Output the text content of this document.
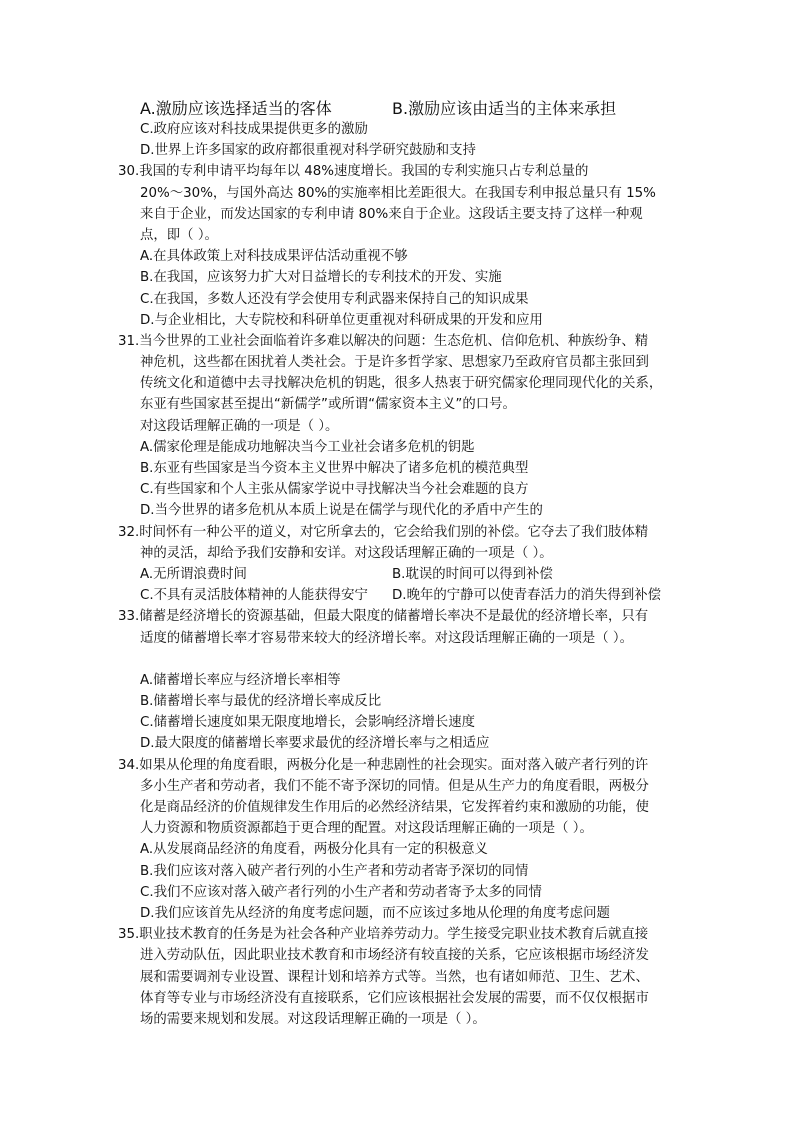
A.激励应该选择适当的客体	B.激励应该由适当的主体来承担
C.政府应该对科技成果提供更多的激励
D.世界上许多国家的政府都很重视对科学研究鼓励和支持
30.我国的专利申请平均每年以 48%速度增长。我国的专利实施只占专利总量的
20%～30%，与国外高达 80%的实施率相比差距很大。在我国专利申报总量只有 15%
来自于企业，而发达国家的专利申请 80%来自于企业。这段话主要支持了这样一种观
点，即（ ）。
A.在具体政策上对科技成果评估活动重视不够
B.在我国，应该努力扩大对日益增长的专利技术的开发、实施
C.在我国，多数人还没有学会使用专利武器来保持自己的知识成果
D.与企业相比，大专院校和科研单位更重视对科研成果的开发和应用
31.当今世界的工业社会面临着许多难以解决的问题：生态危机、信仰危机、种族纷争、精
神危机，这些都在困扰着人类社会。于是许多哲学家、思想家乃至政府官员都主张回到
传统文化和道德中去寻找解决危机的钥匙，很多人热衷于研究儒家伦理同现代化的关系，
东亚有些国家甚至提出“新儒学”或所谓“儒家资本主义”的口号。
对这段话理解正确的一项是（ ）。
A.儒家伦理是能成功地解决当今工业社会诸多危机的钥匙
B.东亚有些国家是当今资本主义世界中解决了诸多危机的模范典型
C.有些国家和个人主张从儒家学说中寻找解决当今社会难题的良方
D.当今世界的诸多危机从本质上说是在儒学与现代化的矛盾中产生的
32.时间怀有一种公平的道义，对它所拿去的，它会给我们别的补偿。它夺去了我们肢体精
神的灵活，却给予我们安静和安详。对这段话理解正确的一项是（ ）。
A.无所谓浪费时间	B.耽误的时间可以得到补偿
C.不具有灵活肢体精神的人能获得安宁	D.晚年的宁静可以使青春活力的消失得到补偿
33.储蓄是经济增长的资源基础，但最大限度的储蓄增长率决不是最优的经济增长率，只有
适度的储蓄增长率才容易带来较大的经济增长率。对这段话理解正确的一项是（ ）。
A.储蓄增长率应与经济增长率相等
B.储蓄增长率与最优的经济增长率成反比
C.储蓄增长速度如果无限度地增长，会影响经济增长速度
D.最大限度的储蓄增长率要求最优的经济增长率与之相适应
34.如果从伦理的角度看眼，两极分化是一种悲剧性的社会现实。面对落入破产者行列的许
多小生产者和劳动者，我们不能不寄予深切的同情。但是从生产力的角度看眼，两极分
化是商品经济的价值规律发生作用后的必然经济结果，它发挥着约束和激励的功能，使
人力资源和物质资源都趋于更合理的配置。对这段话理解正确的一项是（ ）。
A.从发展商品经济的角度看，两极分化具有一定的积极意义
B.我们应该对落入破产者行列的小生产者和劳动者寄予深切的同情
C.我们不应该对落入破产者行列的小生产者和劳动者寄予太多的同情
D.我们应该首先从经济的角度考虑问题，而不应该过多地从伦理的角度考虑问题
35.职业技术教育的任务是为社会各种产业培养劳动力。学生接受完职业技术教育后就直接
进入劳动队伍，因此职业技术教育和市场经济有较直接的关系，它应该根据市场经济发
展和需要调剂专业设置、课程计划和培养方式等。当然，也有诸如师范、卫生、艺术、
体育等专业与市场经济没有直接联系，它们应该根据社会发展的需要，而不仅仅根据市
场的需要来规划和发展。对这段话理解正确的一项是（ ）。
